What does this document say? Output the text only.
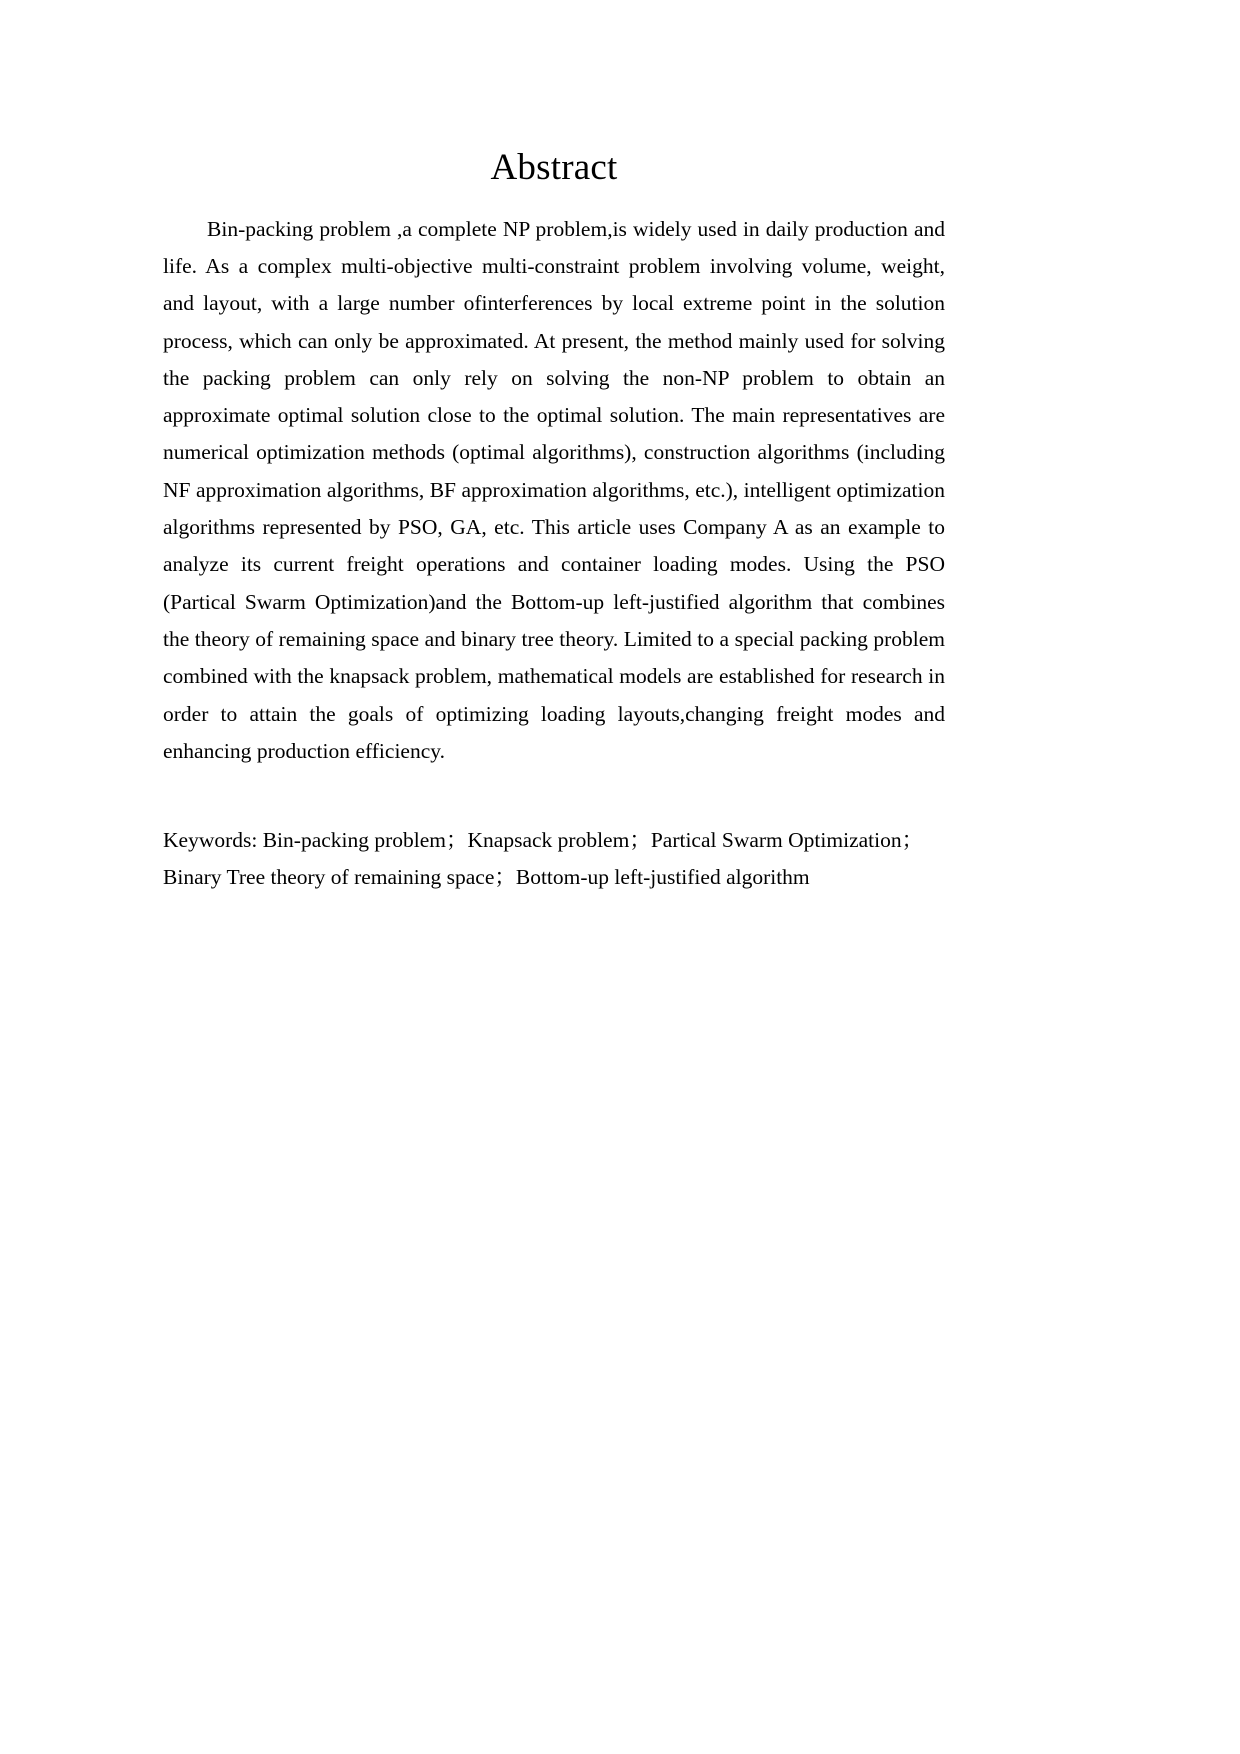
Abstract

Bin-packing problem ,a complete NP problem,is widely used in daily production and life. As a complex multi-objective multi-constraint problem involving volume, weight, and layout, with a large number ofinterferences by local extreme point in the solution process, which can only be approximated. At present, the method mainly used for solving the packing problem can only rely on solving the non-NP problem to obtain an approximate optimal solution close to the optimal solution. The main representatives are numerical optimization methods (optimal algorithms), construction algorithms (including NF approximation algorithms, BF approximation algorithms, etc.), intelligent optimization algorithms represented by PSO, GA, etc. This article uses Company A as an example to analyze its current freight operations and container loading modes. Using the PSO (Partical Swarm Optimization)and the Bottom-up left-justified algorithm that combines the theory of remaining space and binary tree theory. Limited to a special packing problem combined with the knapsack problem, mathematical models are established for research in order to attain the goals of optimizing loading layouts,changing freight modes and enhancing production efficiency.

Keywords: Bin-packing problem；Knapsack problem；Partical Swarm Optimization；  Binary Tree theory of remaining space；Bottom-up left-justified algorithm
